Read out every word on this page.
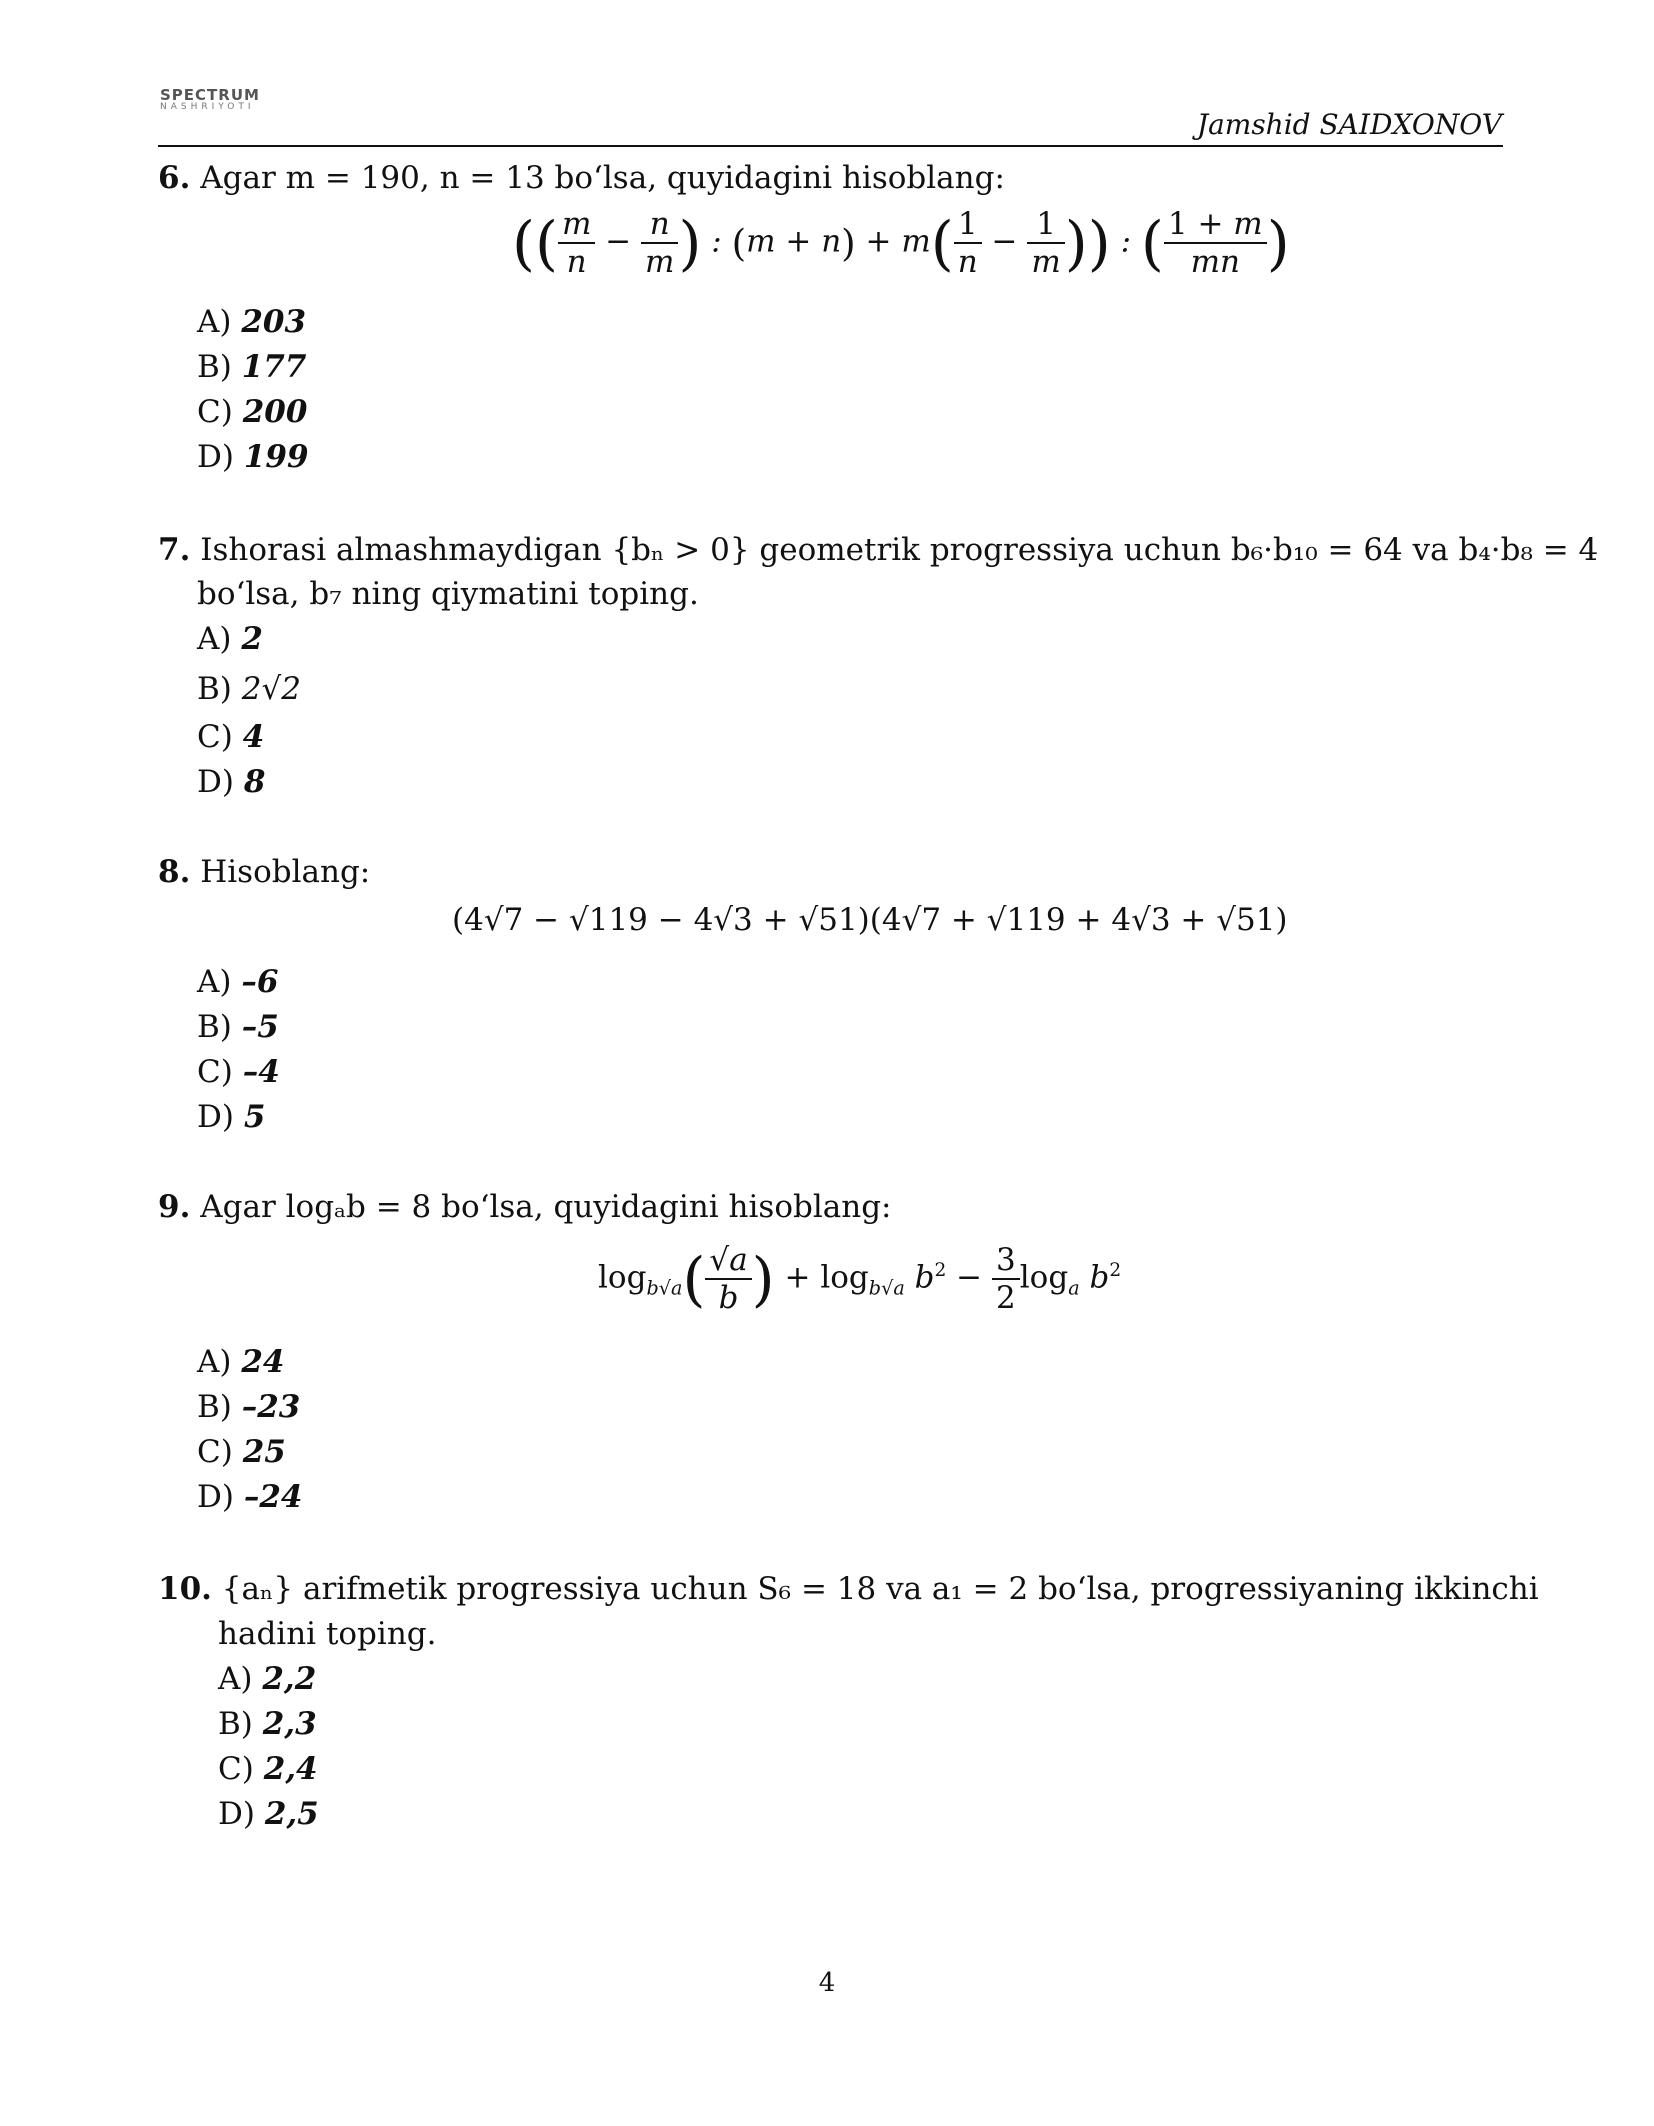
SPECTRUM
NASHRIYOTI
Jamshid SAIDXONOV
6. Agar m = 190, n = 13 bo‘lsa, quyidagini hisoblang:
(( $\frac{m}{n} - \frac{n}{m}$ ) : $(m + n) + m( \frac{1}{n} - \frac{1}{m}$ )) : ( $\frac{1 + m}{mn}$ )
A) 203
B) 177
C) 200
D) 199
7. Ishorasi almashmaydigan {bₙ > 0} geometrik progressiya uchun b₆·b₁₀ = 64 va b₄·b₈ = 4
bo‘lsa, b₇ ning qiymatini toping.
A) 2
B) 2√2
C) 4
D) 8
8. Hisoblang:
(4√7 − √119 − 4√3 + √51)(4√7 + √119 + 4√3 + √51)
A) –6
B) –5
C) –4
D) 5
9. Agar logₐb = 8 bo‘lsa, quyidagini hisoblang:
$\log_{b√a}( \frac{√a}{b}$ ) + $\log_{b√a} b^2 - \frac{3}{2} \log_a b^2$
A) 24
B) –23
C) 25
D) –24
10. {aₙ} arifmetik progressiya uchun S₆ = 18 va a₁ = 2 bo‘lsa, progressiyaning ikkinchi
hadini toping.
A) 2,2
B) 2,3
C) 2,4
D) 2,5
4
